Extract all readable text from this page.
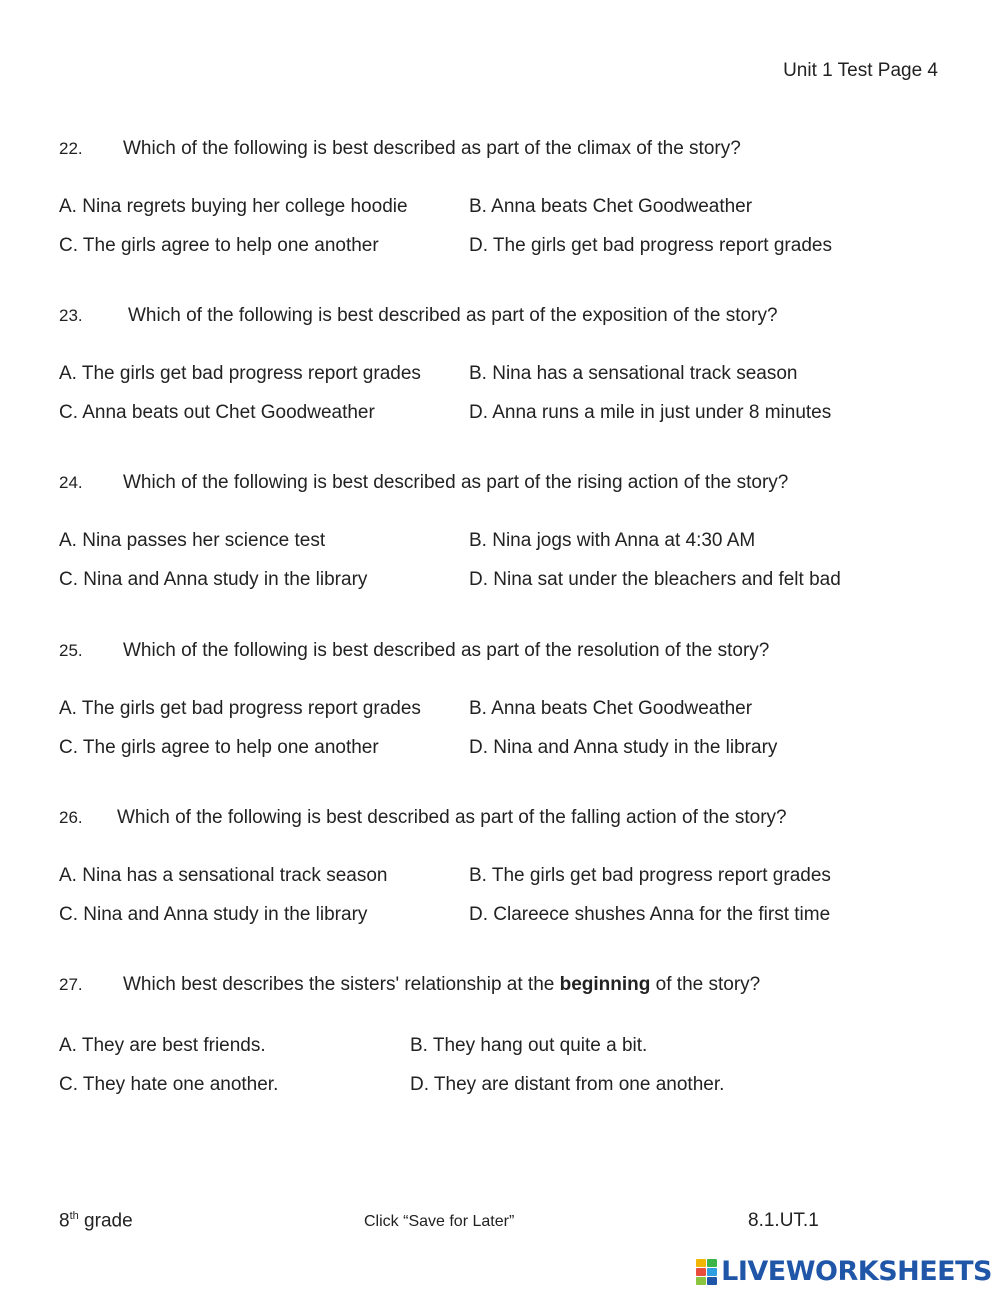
Unit 1 Test Page 4
22. Which of the following is best described as part of the climax of the story?
A. Nina regrets buying her college hoodie	B. Anna beats Chet Goodweather
C. The girls agree to help one another	D. The girls get bad progress report grades
23. Which of the following is best described as part of the exposition of the story?
A. The girls get bad progress report grades	B. Nina has a sensational track season
C. Anna beats out Chet Goodweather	D. Anna runs a mile in just under 8 minutes
24. Which of the following is best described as part of the rising action of the story?
A. Nina passes her science test	B. Nina jogs with Anna at 4:30 AM
C. Nina and Anna study in the library	D. Nina sat under the bleachers and felt bad
25. Which of the following is best described as part of the resolution of the story?
A. The girls get bad progress report grades	B. Anna beats Chet Goodweather
C. The girls agree to help one another	D. Nina and Anna study in the library
26. Which of the following is best described as part of the falling action of the story?
A. Nina has a sensational track season	B. The girls get bad progress report grades
C. Nina and Anna study in the library	D. Clareece shushes Anna for the first time
27. Which best describes the sisters' relationship at the beginning of the story?
A. They are best friends.	B. They hang out quite a bit.
C. They hate one another.	D. They are distant from one another.
8th grade	Click “Save for Later”	8.1.UT.1
LIVEWORKSHEETS
